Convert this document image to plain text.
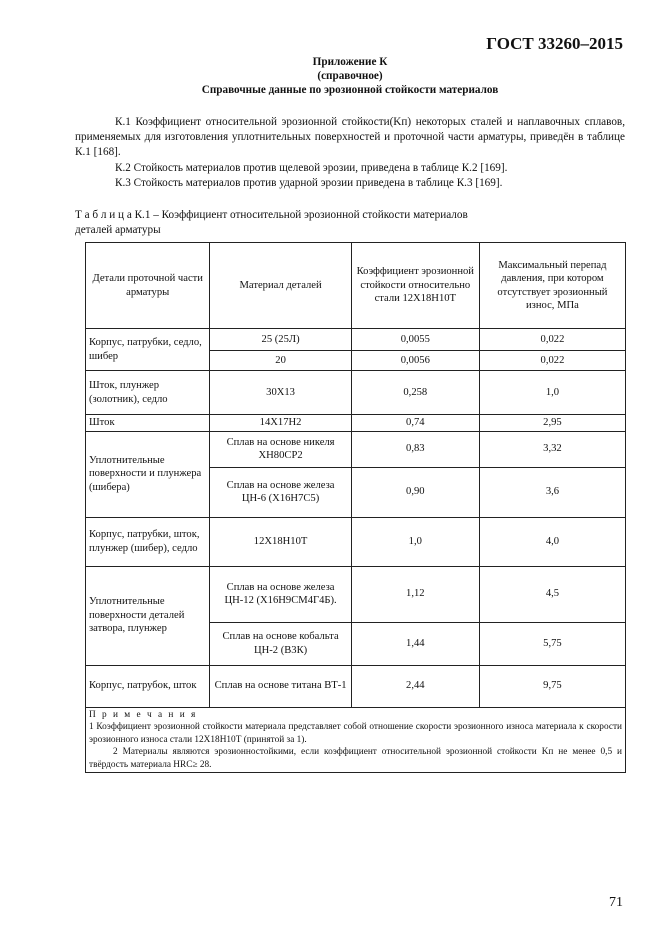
ГОСТ 33260–2015
Приложение К
(справочное)
Справочные данные по эрозионной стойкости материалов
К.1 Коэффициент относительной эрозионной стойкости(Kп) некоторых сталей и наплавочных сплавов, применяемых для изготовления уплотнительных поверхностей и проточной части арматуры, приведён в таблице К.1 [168].
К.2 Стойкость материалов против щелевой эрозии, приведена в таблице К.2 [169].
К.3 Стойкость материалов против ударной эрозии приведена в таблице К.3 [169].
Т а б л и ц а К.1 – Коэффициент относительной эрозионной стойкости материалов
деталей арматуры
Детали проточной части арматуры	Материал деталей	Коэффициент эрозионной стойкости относительно стали 12Х18Н10Т	Максимальный перепад давления, при котором отсутствует эрозионный износ, МПа
Корпус, патрубки, седло, шибер	25 (25Л)	0,0055	0,022
	20	0,0056	0,022
Шток, плунжер (золотник), седло	30Х13	0,258	1,0
Шток	14Х17Н2	0,74	2,95
Уплотнительные поверхности и плунжера (шибера)	Сплав на основе никеля ХН80СР2	0,83	3,32
	Сплав на основе железа ЦН-6 (Х16Н7С5)	0,90	3,6
Корпус, патрубки, шток, плунжер (шибер), седло	12Х18Н10Т	1,0	4,0
Уплотнительные поверхности деталей затвора, плунжер	Сплав на основе железа ЦН-12 (Х16Н9СМ4Г4Б).	1,12	4,5
	Сплав на основе кобальта ЦН-2 (В3К)	1,44	5,75
Корпус, патрубок, шток	Сплав на основе титана ВТ-1	2,44	9,75

П р и м е ч а н и я
1 Коэффициент эрозионной стойкости материала представляет собой отношение скорости эрозионного износа материала к скорости эрозионного износа стали 12Х18Н10Т (принятой за 1).
2 Материалы являются эрозионностойкими, если коэффициент относительной эрозионной стойкости Kп не менее 0,5 и твёрдость материала HRC≥ 28.			
71
